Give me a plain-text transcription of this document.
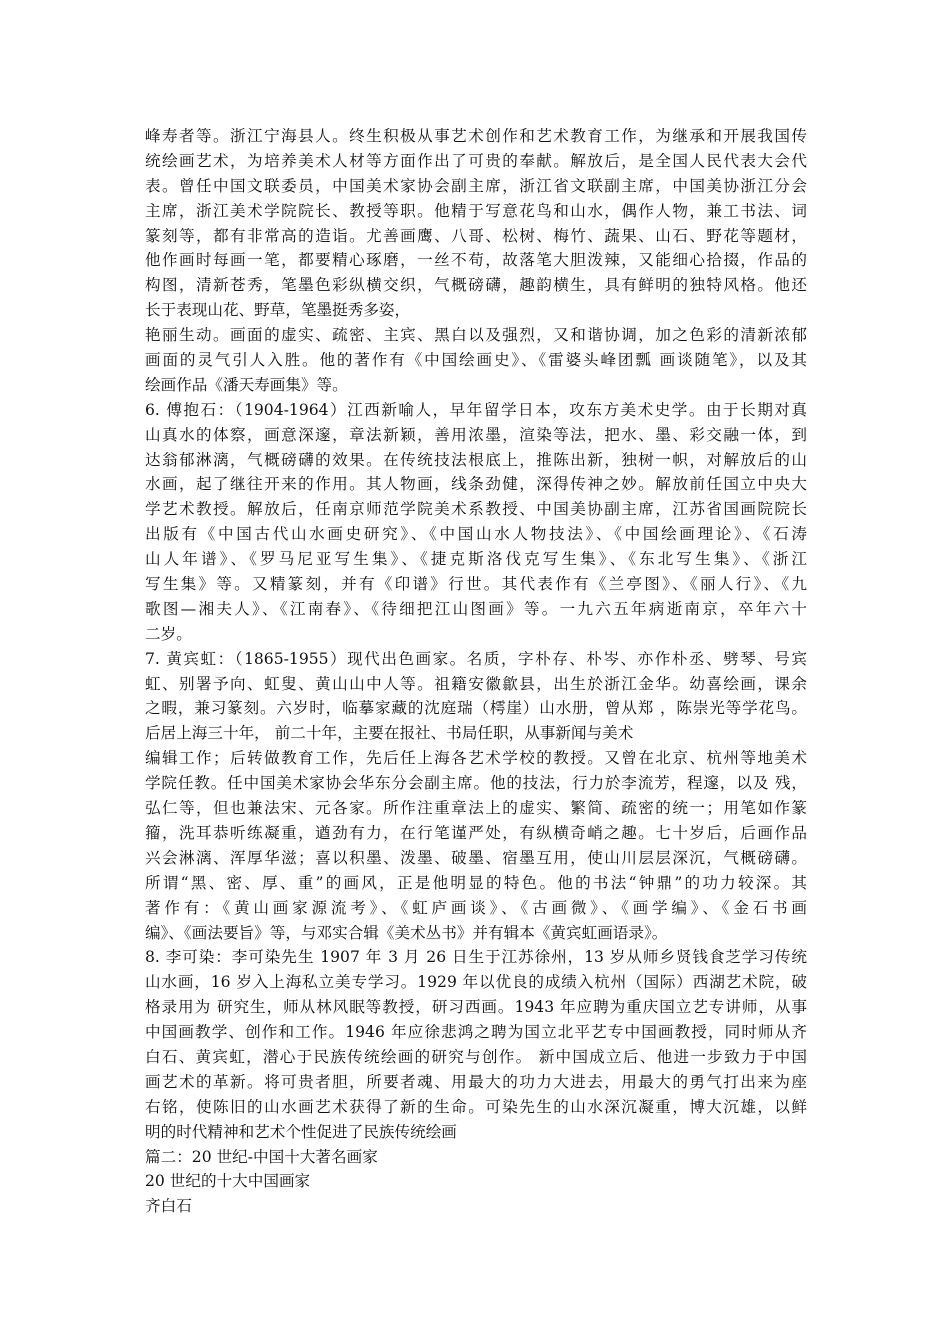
峰寿者等。浙江宁海县人。终生积极从事艺术创作和艺术教育工作，为继承和开展我国传
统绘画艺术，为培养美术人材等方面作出了可贵的奉献。解放后，是全国人民代表大会代
表。曾任中国文联委员，中国美术家协会副主席，浙江省文联副主席，中国美协浙江分会
主席，浙江美术学院院长、教授等职。他精于写意花鸟和山水，偶作人物，兼工书法、词
篆刻等，都有非常高的造诣。尤善画鹰、八哥、松树、梅竹、蔬果、山石、野花等题材，
他作画时每画一笔，都要精心琢磨，一丝不苟，故落笔大胆泼辣，又能细心拾掇，作品的
构图，清新苍秀，笔墨色彩纵横交织，气概磅礴，趣韵横生，具有鲜明的独特风格。他还
长于表现山花、野草，笔墨挺秀多姿，
艳丽生动。画面的虚实、疏密、主宾、黑白以及强烈，又和谐协调，加之色彩的清新浓郁
画面的灵气引人入胜。他的著作有《中国绘画史》、《雷婆头峰团瓢 画谈随笔》，以及其
绘画作品《潘天寿画集》等。
6. 傅抱石：（1904-1964）江西新喻人，早年留学日本，攻东方美术史学。由于长期对真
山真水的体察，画意深邃，章法新颖，善用浓墨，渲染等法，把水、墨、彩交融一体，到
达翁郁淋漓，气概磅礴的效果。在传统技法根底上，推陈出新，独树一帜，对解放后的山
水画，起了继往开来的作用。其人物画，线条劲健，深得传神之妙。解放前任国立中央大
学艺术教授。解放后，任南京师范学院美术系教授、中国美协副主席，江苏省国画院院长
出版有《中国古代山水画史研究》、《中国山水人物技法》、《中国绘画理论》、《石涛
山人年谱》、《罗马尼亚写生集》、《捷克斯洛伐克写生集》、《东北写生集》、《浙江
写生集》等。又精篆刻，并有《印谱》行世。其代表作有《兰亭图》、《丽人行》、《九
歌图—湘夫人》、《江南春》、《待细把江山图画》等。一九六五年病逝南京，卒年六十
二岁。
7. 黄宾虹：（1865-1955）现代出色画家。名质，字朴存、朴岑、亦作朴丞、劈琴、号宾
虹、别署予向、虹叟、黄山山中人等。祖籍安徽歙县，出生於浙江金华。幼喜绘画，课余
之暇，兼习篆刻。六岁时，临摹家藏的沈庭瑞（樗崖）山水册，曾从郑 ，陈崇光等学花鸟。
后居上海三十年， 前二十年，主要在报社、书局任职，从事新闻与美术
编辑工作；后转做教育工作，先后任上海各艺术学校的教授。又曾在北京、杭州等地美术
学院任教。任中国美术家协会华东分会副主席。他的技法，行力於李流芳，程邃，以及 残，
弘仁等，但也兼法宋、元各家。所作注重章法上的虚实、繁简、疏密的统一；用笔如作篆
籀，洗耳恭听练凝重，遒劲有力，在行笔谨严处，有纵横奇峭之趣。七十岁后，后画作品
兴会淋漓、浑厚华滋；喜以积墨、泼墨、破墨、宿墨互用，使山川层层深沉，气概磅礴。
所谓“黑、密、厚、重”的画风，正是他明显的特色。他的书法“钟鼎”的功力较深。其
著作有：《黄山画家源流考》、《虹庐画谈》、《古画微》、《画学编》、《金石书画
编》、《画法要旨》等，与邓实合辑《美术丛书》并有辑本《黄宾虹画语录》。
8. 李可染：李可染先生 1907 年 3 月 26 日生于江苏徐州，13 岁从师乡贤钱食芝学习传统
山水画，16 岁入上海私立美专学习。1929 年以优良的成绩入杭州（国际）西湖艺术院，破
格录用为 研究生，师从林风眠等教授，研习西画。1943 年应聘为重庆国立艺专讲师，从事
中国画教学、创作和工作。1946 年应徐悲鸿之聘为国立北平艺专中国画教授，同时师从齐
白石、黄宾虹，潜心于民族传统绘画的研究与创作。 新中国成立后、他进一步致力于中国
画艺术的革新。将可贵者胆，所要者魂、用最大的功力大进去，用最大的勇气打出来为座
右铭，使陈旧的山水画艺术获得了新的生命。可染先生的山水深沉凝重，博大沉雄，以鲜
明的时代精神和艺术个性促进了民族传统绘画
篇二：20 世纪-中国十大著名画家
20 世纪的十大中国画家
齐白石
